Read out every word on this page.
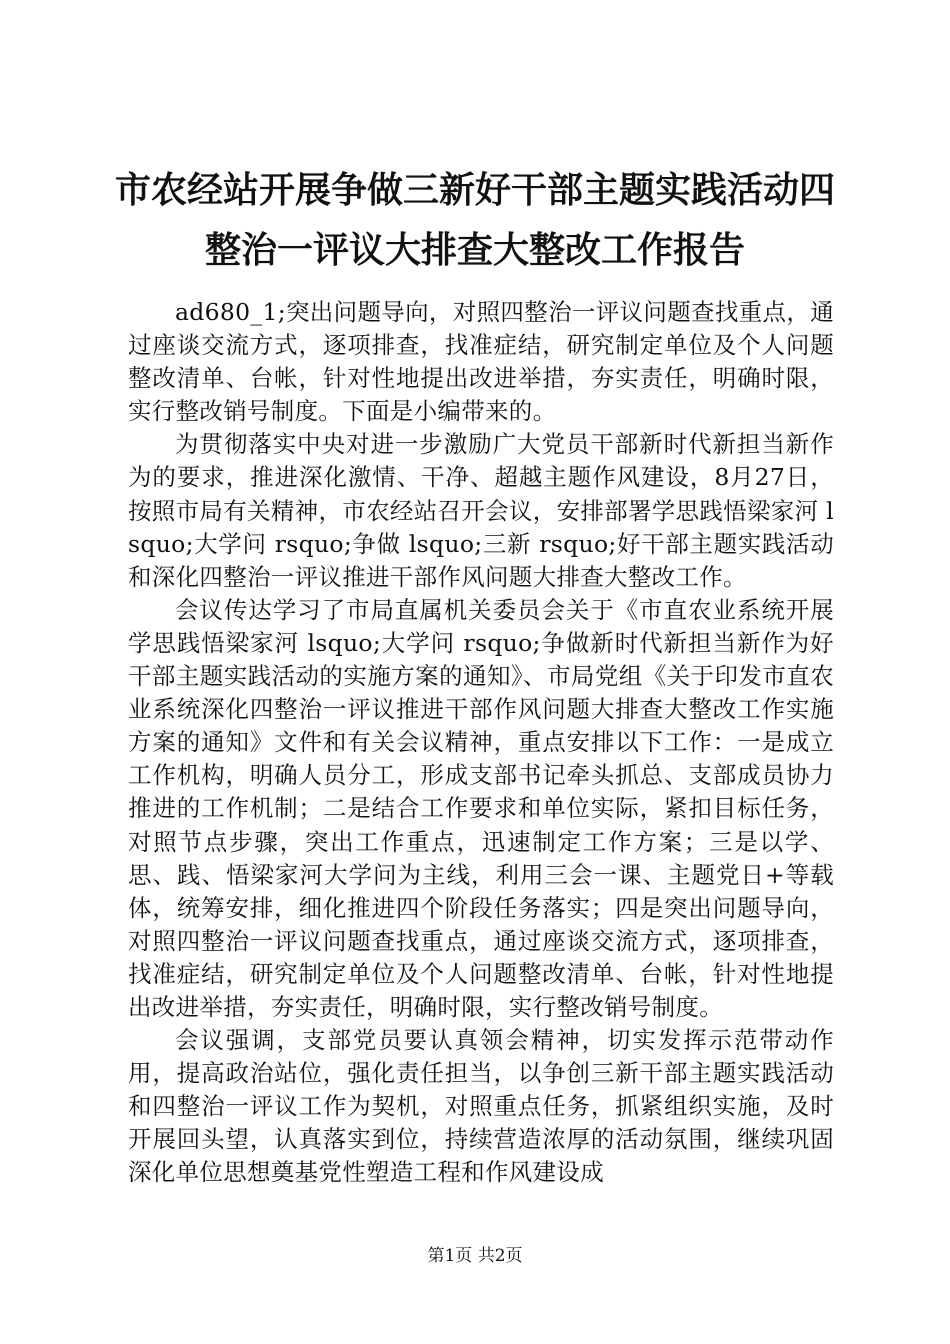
市农经站开展争做三新好干部主题实践活动四
整治一评议大排查大整改工作报告

ad680_1;突出问题导向，对照四整治一评议问题查找重点，通过座谈交流方式，逐项排查，找准症结，研究制定单位及个人问题整改清单、台帐，针对性地提出改进举措，夯实责任，明确时限，实行整改销号制度。下面是小编带来的。

为贯彻落实中央对进一步激励广大党员干部新时代新担当新作为的要求，推进深化激情、干净、超越主题作风建设，8月27日，按照市局有关精神，市农经站召开会议，安排部署学思践悟梁家河 lsquo;大学问 rsquo;争做 lsquo;三新 rsquo;好干部主题实践活动和深化四整治一评议推进干部作风问题大排查大整改工作。

会议传达学习了市局直属机关委员会关于《市直农业系统开展学思践悟梁家河 lsquo;大学问 rsquo;争做新时代新担当新作为好干部主题实践活动的实施方案的通知》、市局党组《关于印发市直农业系统深化四整治一评议推进干部作风问题大排查大整改工作实施方案的通知》文件和有关会议精神，重点安排以下工作：一是成立工作机构，明确人员分工，形成支部书记牵头抓总、支部成员协力推进的工作机制；二是结合工作要求和单位实际，紧扣目标任务，对照节点步骤，突出工作重点，迅速制定工作方案；三是以学、思、践、悟梁家河大学问为主线，利用三会一课、主题党日+等载体，统筹安排，细化推进四个阶段任务落实；四是突出问题导向，对照四整治一评议问题查找重点，通过座谈交流方式，逐项排查，找准症结，研究制定单位及个人问题整改清单、台帐，针对性地提出改进举措，夯实责任，明确时限，实行整改销号制度。

会议强调，支部党员要认真领会精神，切实发挥示范带动作用，提高政治站位，强化责任担当，以争创三新干部主题实践活动和四整治一评议工作为契机，对照重点任务，抓紧组织实施，及时开展回头望，认真落实到位，持续营造浓厚的活动氛围，继续巩固深化单位思想奠基党性塑造工程和作风建设成

第1页 共2页
